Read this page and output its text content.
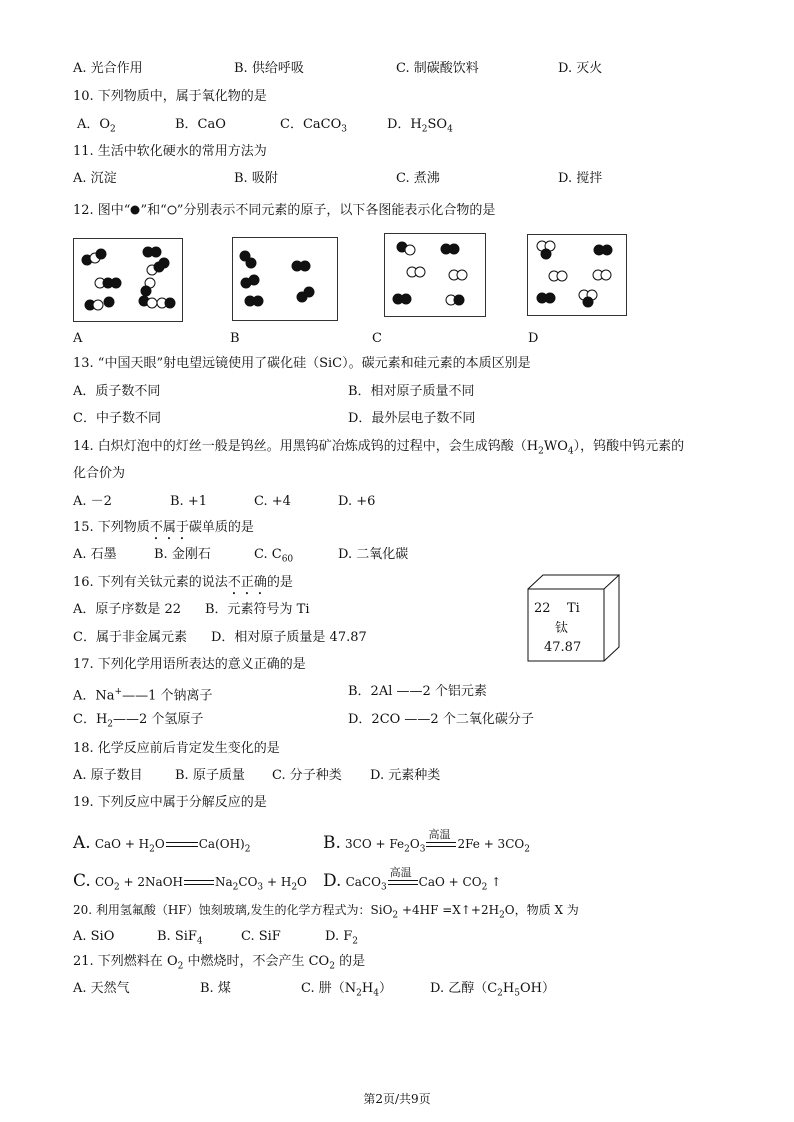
A. 光合作用	B. 供给呼吸	C. 制碳酸饮料	D. 灭火
10. 下列物质中，属于氧化物的是
A．$O_2$	B．CaO	C．CaCO$_3$	D．$H_2SO_4$
11. 生活中软化硬水的常用方法为
A. 沉淀	B. 吸附	C. 煮沸	D. 搅拌
12. 图中“ ”和“ ”分别表示不同元素的原子，以下各图能表示化合物的是
A	B	C	D
13. “中国天眼”射电望远镜使用了碳化硅（SiC）。碳元素和硅元素的本质区别是
A．质子数不同	B．相对原子质量不同
C．中子数不同	D．最外层电子数不同
14. 白炽灯泡中的灯丝一般是钨丝。用黑钨矿冶炼成钨的过程中，会生成钨酸$(H_2WO_4)$，钨酸中钨元素的
化合价为
A. －2	B. +1	C. +4	D. +6
15. 下列物质不属于碳单质的是
A. 石墨	B. 金刚石	C. $C_{60}$	D. 二氧化碳
16. 下列有关钛元素的说法不正确的是
A．原子序数是 22 B．元素符号为 Ti
C．属于非金属元素 D．相对原子质量是 47.87
22 Ti
钛
47.87
17. 下列化学用语所表达的意义正确的是
A．Na+——1 个钠离子	B．2Al ——2 个铝元素
C．$H_2——2$ 个氢原子	D．2CO ——2 个二氧化碳分子
18. 化学反应前后肯定发生变化的是
A. 原子数目 B. 原子质量 C. 分子种类 D. 元素种类
19. 下列反应中属于分解反应的是
A. CaO + $H_2O$	$Ca(OH)_2$	B. $3CO + Fe_2O_3$
高温
$2Fe + 3CO_2$
C. $CO_2$ + 2NaOH	$Na_2CO_3 + H_2O$ D. CaCO$_3$
高温
CaO + $CO_2$ ↑
20. 利用氢氟酸（HF）蚀刻玻璃,发生的化学方程式为：$SiO_2 +4HF =X↑+2H_2O$，物质 X 为
A. SiO	B. SiF$_4$	C. SiF	D. $F_2$
21. 下列燃料在 $O_2$ 中燃烧时，不会产生 $CO_2$ 的是
A. 天然气	B. 煤	C. 肼$(N_2H_4)$	D. 乙醇$(C_2H_5OH)$
第2页/共9页
